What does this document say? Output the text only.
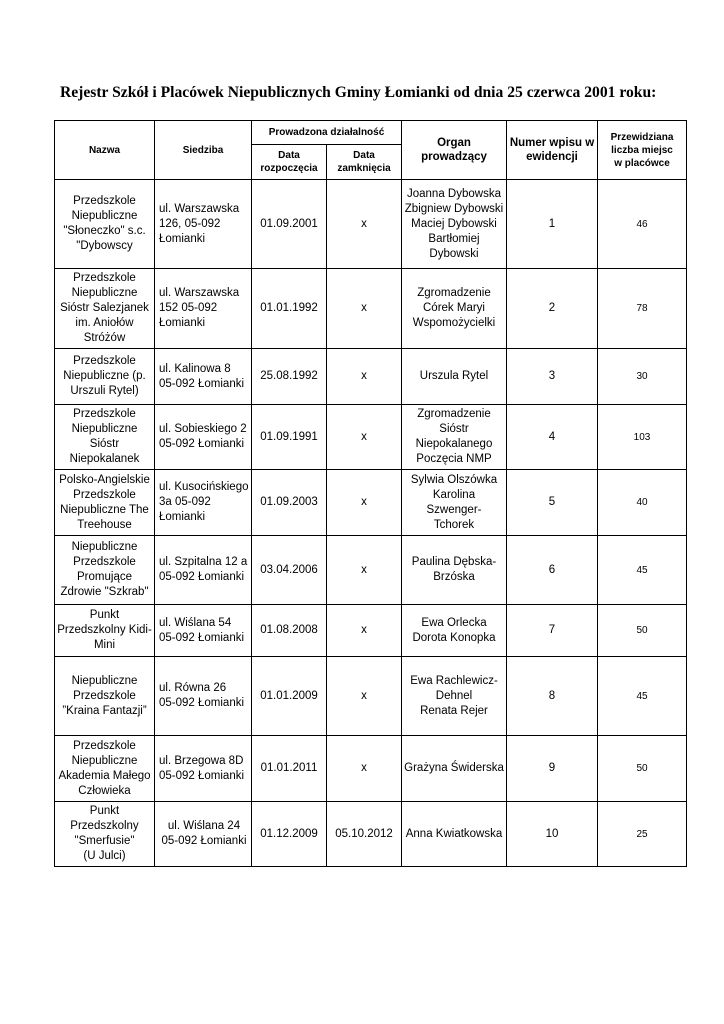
Rejestr Szkół i Placówek Niepublicznych Gminy Łomianki od dnia 25 czerwca 2001 roku:
Nazwa	Siedziba	Prowadzona działalność		Organ prowadzący	Numer wpisu w
ewidencji	Przewidziana
liczba miejsc
w placówce

		Data
rozpoczęcia	Data
zamknięcia			

Przedszkole
Niepubliczne
"Słoneczko" s.c.
"Dybowscy	ul. Warszawska
126, 05-092
Łomianki	01.09.2001	x	Joanna Dybowska
Zbigniew Dybowski
Maciej Dybowski
Bartłomiej
Dybowski	1	46

Przedszkole
Niepubliczne
Sióstr Salezjanek
im. Aniołów
Stróżów	ul. Warszawska
152 05-092
Łomianki	01.01.1992	x	Zgromadzenie
Córek Maryi
Wspomożycielki	2	78

Przedszkole
Niepubliczne (p.
Urszuli Rytel)	ul. Kalinowa 8
05-092 Łomianki	25.08.1992	x	Urszula Rytel	3	30

Przedszkole
Niepubliczne
Sióstr
Niepokalanek	ul. Sobieskiego 2
05-092 Łomianki	01.09.1991	x	Zgromadzenie
Sióstr
Niepokalanego
Poczęcia NMP	4	103

Polsko-Angielskie
Przedszkole
Niepubliczne The
Treehouse	ul. Kusocińskiego
3a 05-092
Łomianki	01.09.2003	x	Sylwia Olszówka
Karolina Szwenger-
Tchorek	5	40

Niepubliczne
Przedszkole
Promujące
Zdrowie "Szkrab"	ul. Szpitalna 12 a
05-092 Łomianki	03.04.2006	x	Paulina Dębska-
Brzóska	6	45

Punkt
Przedszkolny Kidi-
Mini	ul. Wiślana 54
05-092 Łomianki	01.08.2008	x	Ewa Orlecka
Dorota Konopka	7	50

Niepubliczne
Przedszkole
”Kraina Fantazji”	ul. Równa 26
05-092 Łomianki	01.01.2009	x	Ewa Rachlewicz-
Dehnel
Renata Rejer	8	45

Przedszkole
Niepubliczne
Akademia Małego
Człowieka	ul. Brzegowa 8D
05-092 Łomianki	01.01.2011	x	Grażyna Świderska	9	50

Punkt
Przedszkolny
"Smerfusie"
(U Julci)	ul. Wiślana 24
05-092 Łomianki	01.12.2009	05.10.2012	Anna Kwiatkowska	10	25
